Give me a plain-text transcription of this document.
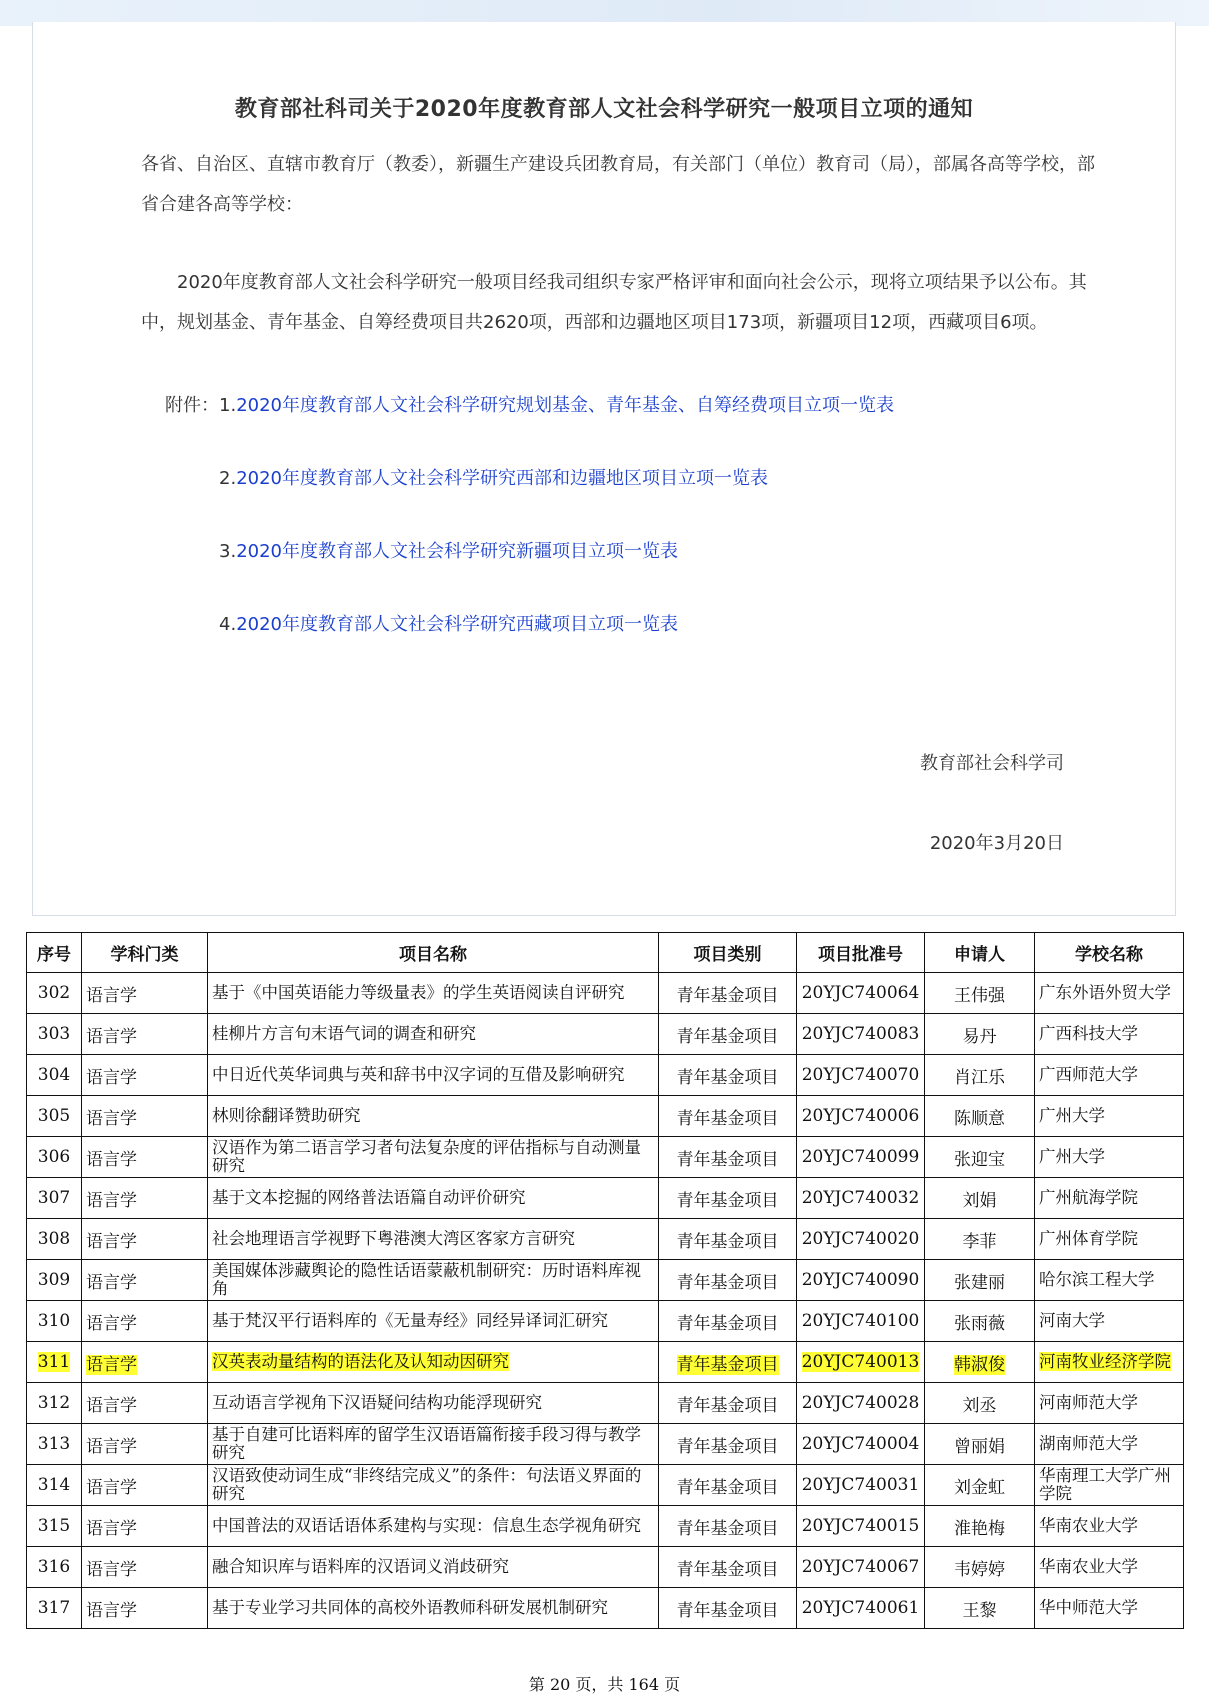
教育部社科司关于2020年度教育部人文社会科学研究一般项目立项的通知
各省、自治区、直辖市教育厅（教委），新疆生产建设兵团教育局，有关部门（单位）教育司（局），部属各高等学校，部省合建各高等学校：
2020年度教育部人文社会科学研究一般项目经我司组织专家严格评审和面向社会公示，现将立项结果予以公布。其中，规划基金、青年基金、自筹经费项目共2620项，西部和边疆地区项目173项，新疆项目12项，西藏项目6项。
附件：1.2020年度教育部人文社会科学研究规划基金、青年基金、自筹经费项目立项一览表
2.2020年度教育部人文社会科学研究西部和边疆地区项目立项一览表
3.2020年度教育部人文社会科学研究新疆项目立项一览表
4.2020年度教育部人文社会科学研究西藏项目立项一览表
教育部社会科学司
2020年3月20日
序号	学科门类	项目名称	项目类别	项目批准号	申请人	学校名称
302	语言学	基于《中国英语能力等级量表》的学生英语阅读自评研究	青年基金项目	20YJC740064	王伟强	广东外语外贸大学
303	语言学	桂柳片方言句末语气词的调查和研究	青年基金项目	20YJC740083	易丹	广西科技大学
304	语言学	中日近代英华词典与英和辞书中汉字词的互借及影响研究	青年基金项目	20YJC740070	肖江乐	广西师范大学
305	语言学	林则徐翻译赞助研究	青年基金项目	20YJC740006	陈顺意	广州大学
306	语言学	汉语作为第二语言学习者句法复杂度的评估指标与自动测量研究	青年基金项目	20YJC740099	张迎宝	广州大学
307	语言学	基于文本挖掘的网络普法语篇自动评价研究	青年基金项目	20YJC740032	刘娟	广州航海学院
308	语言学	社会地理语言学视野下粤港澳大湾区客家方言研究	青年基金项目	20YJC740020	李菲	广州体育学院
309	语言学	美国媒体涉藏舆论的隐性话语蒙蔽机制研究：历时语料库视角	青年基金项目	20YJC740090	张建丽	哈尔滨工程大学
310	语言学	基于梵汉平行语料库的《无量寿经》同经异译词汇研究	青年基金项目	20YJC740100	张雨薇	河南大学
311	语言学	汉英表动量结构的语法化及认知动因研究	青年基金项目	20YJC740013	韩淑俊	河南牧业经济学院
312	语言学	互动语言学视角下汉语疑问结构功能浮现研究	青年基金项目	20YJC740028	刘丞	河南师范大学
313	语言学	基于自建可比语料库的留学生汉语语篇衔接手段习得与教学研究	青年基金项目	20YJC740004	曾丽娟	湖南师范大学
314	语言学	汉语致使动词生成“非终结完成义”的条件：句法语义界面的研究	青年基金项目	20YJC740031	刘金虹	华南理工大学广州学院
315	语言学	中国普法的双语话语体系建构与实现：信息生态学视角研究	青年基金项目	20YJC740015	淮艳梅	华南农业大学
316	语言学	融合知识库与语料库的汉语词义消歧研究	青年基金项目	20YJC740067	韦婷婷	华南农业大学
317	语言学	基于专业学习共同体的高校外语教师科研发展机制研究	青年基金项目	20YJC740061	王黎	华中师范大学
第 20 页，共 164 页
